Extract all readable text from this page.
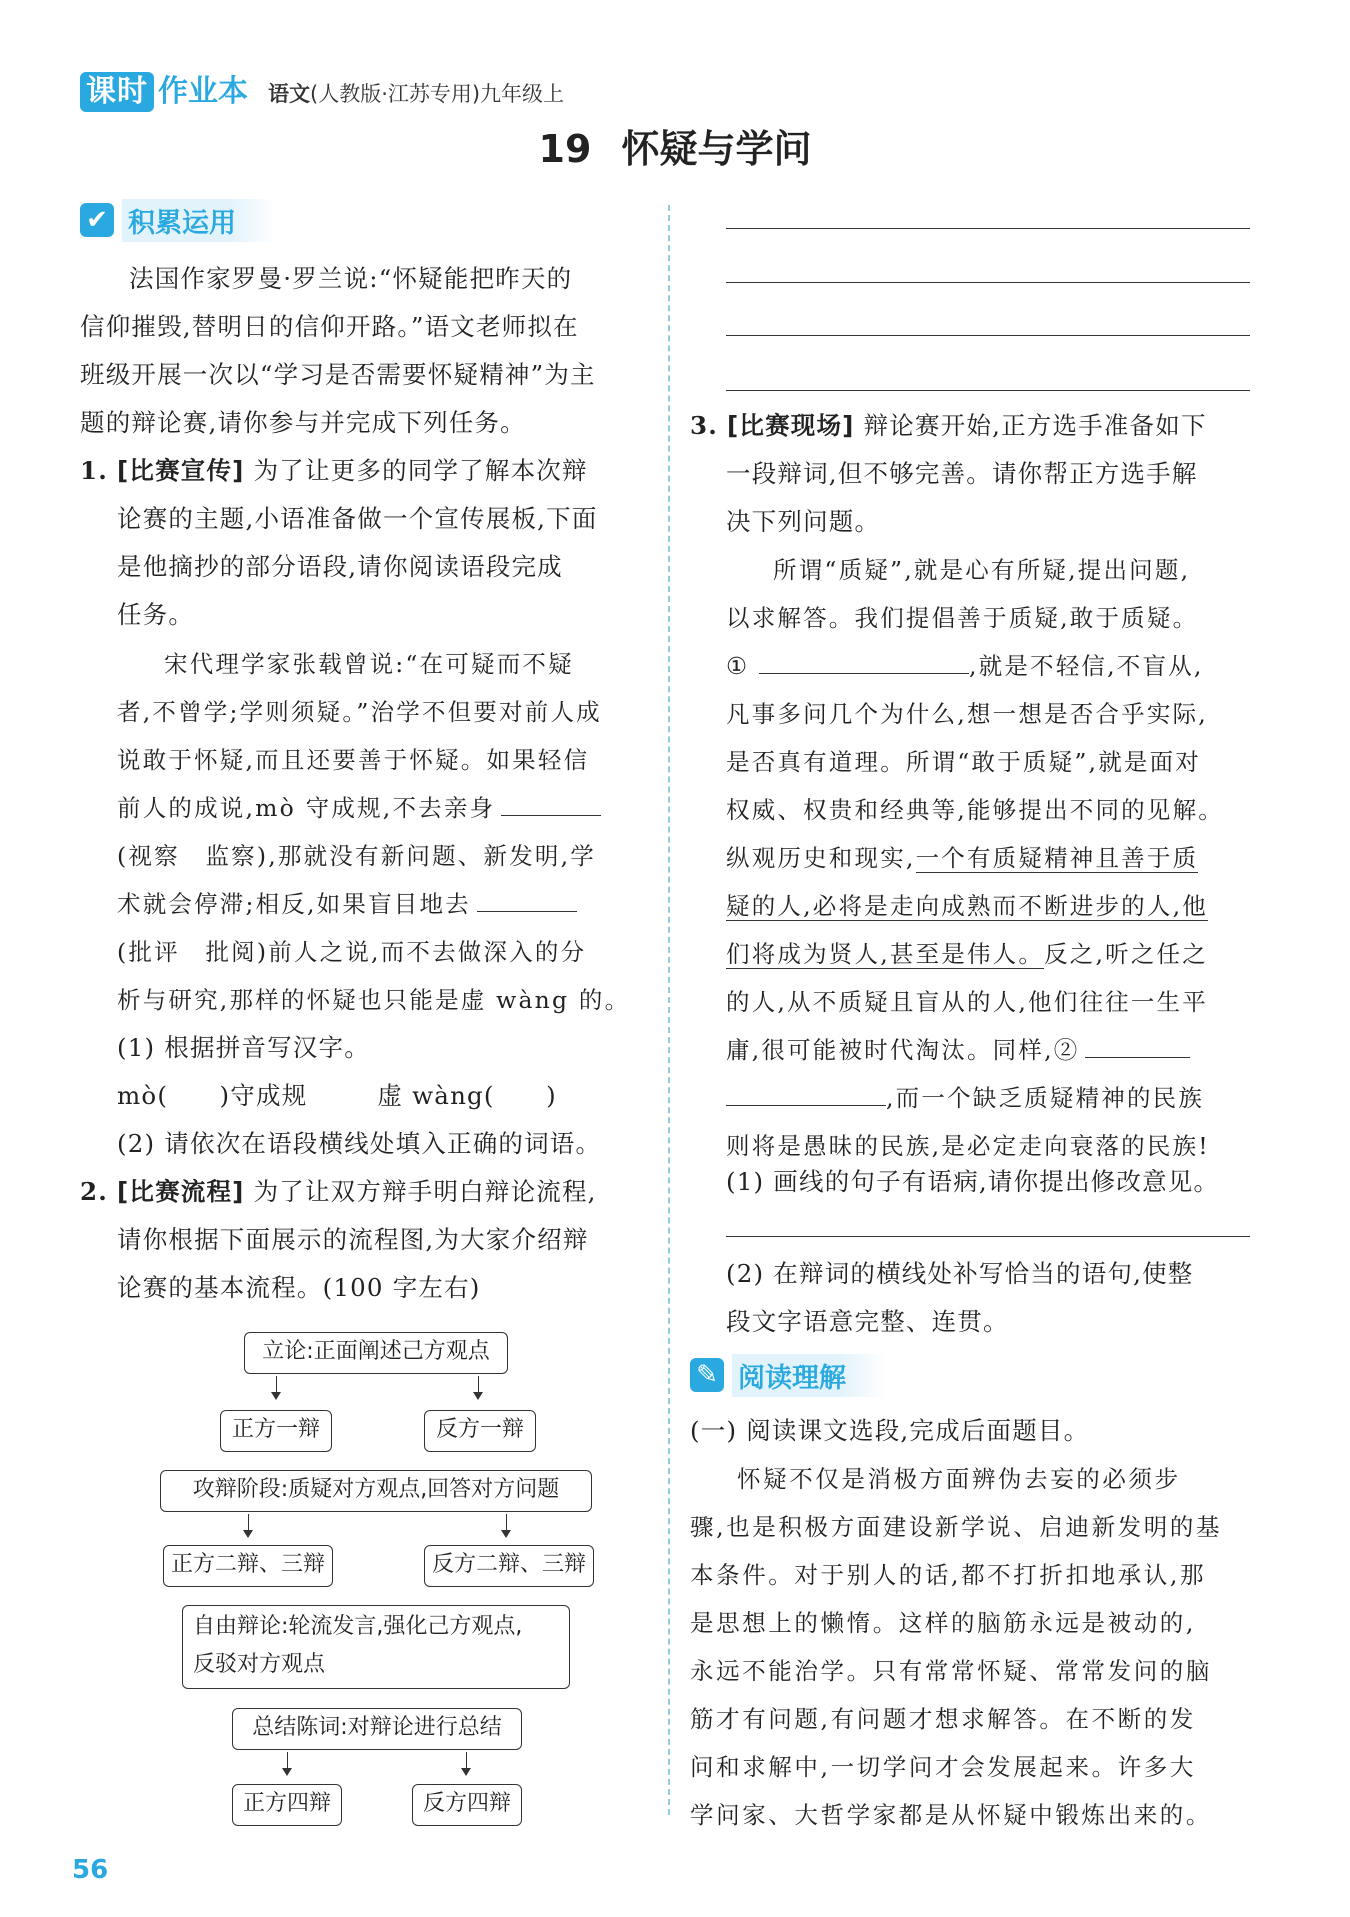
课时 作业本 语文(人教版·江苏专用)九年级上
19 怀疑与学问
✔ 积累运用

法国作家罗曼·罗兰说:“怀疑能把昨天的

信仰摧毁,替明日的信仰开路。”语文老师拟在

班级开展一次以“学习是否需要怀疑精神”为主

题的辩论赛,请你参与并完成下列任务。

1. [比赛宣传] 为了让更多的同学了解本次辩

论赛的主题,小语准备做一个宣传展板,下面

是他摘抄的部分语段,请你阅读语段完成

任务。

宋代理学家张载曾说:“在可疑而不疑

者,不曾学;学则须疑。”治学不但要对前人成

说敢于怀疑,而且还要善于怀疑。如果轻信

前人的成说,mò 守成规,不去亲身

(视察　监察),那就没有新问题、新发明,学

术就会停滞;相反,如果盲目地去

(批评　批阅)前人之说,而不去做深入的分

析与研究,那样的怀疑也只能是虚 wàng 的。

(1) 根据拼音写汉字。

mò(　　)守成规	虚 wàng(　　)

(2) 请依次在语段横线处填入正确的词语。

2. [比赛流程] 为了让双方辩手明白辩论流程,

请你根据下面展示的流程图,为大家介绍辩

论赛的基本流程。(100 字左右)

立论:正面阐述己方观点
正方一辩	反方一辩
攻辩阶段:质疑对方观点,回答对方问题
正方二辩、三辩	反方二辩、三辩
自由辩论:轮流发言,强化己方观点,
反驳对方观点
总结陈词:对辩论进行总结
正方四辩	反方四辩

3. [比赛现场] 辩论赛开始,正方选手准备如下

一段辩词,但不够完善。请你帮正方选手解

决下列问题。

所谓“质疑”,就是心有所疑,提出问题,

以求解答。我们提倡善于质疑,敢于质疑。

①	,就是不轻信,不盲从,

凡事多问几个为什么,想一想是否合乎实际,

是否真有道理。所谓“敢于质疑”,就是面对

权威、权贵和经典等,能够提出不同的见解。

纵观历史和现实,一个有质疑精神且善于质

疑的人,必将是走向成熟而不断进步的人,他

们将成为贤人,甚至是伟人。反之,听之任之

的人,从不质疑且盲从的人,他们往往一生平

庸,很可能被时代淘汰。同样,②

,而一个缺乏质疑精神的民族

则将是愚昧的民族,是必定走向衰落的民族!

(1) 画线的句子有语病,请你提出修改意见。

(2) 在辩词的横线处补写恰当的语句,使整

段文字语意完整、连贯。

✎ 阅读理解

(一) 阅读课文选段,完成后面题目。

怀疑不仅是消极方面辨伪去妄的必须步

骤,也是积极方面建设新学说、启迪新发明的基

本条件。对于别人的话,都不打折扣地承认,那

是思想上的懒惰。这样的脑筋永远是被动的,

永远不能治学。只有常常怀疑、常常发问的脑

筋才有问题,有问题才想求解答。在不断的发

问和求解中,一切学问才会发展起来。许多大

学问家、大哲学家都是从怀疑中锻炼出来的。

56
